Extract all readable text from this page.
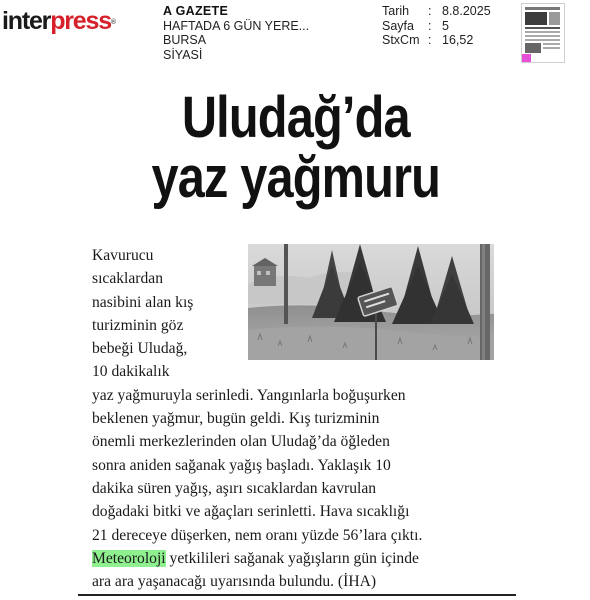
interpress®
A GAZETE
HAFTADA 6 GÜN YERE...
BURSA
SİYASİ
Tarih	: 8.8.2025
Sayfa	: 5
StxCm : 16,52
Uludağ’da
yaz yağmuru
Kavurucu
sıcaklardan
nasibini alan kış
turizminin göz
bebeği Uludağ,
10 dakikalık
yaz yağmuruyla serinledi. Yangınlarla boğuşurken
beklenen yağmur, bugün geldi. Kış turizminin
önemli merkezlerinden olan Uludağ’da öğleden
sonra aniden sağanak yağış başladı. Yaklaşık 10
dakika süren yağış, aşırı sıcaklardan kavrulan
doğadaki bitki ve ağaçları serinletti. Hava sıcaklığı
21 dereceye düşerken, nem oranı yüzde 56’lara çıktı.
Meteoroloji yetkilileri sağanak yağışların gün içinde
ara ara yaşanacağı uyarısında bulundu. (İHA)
